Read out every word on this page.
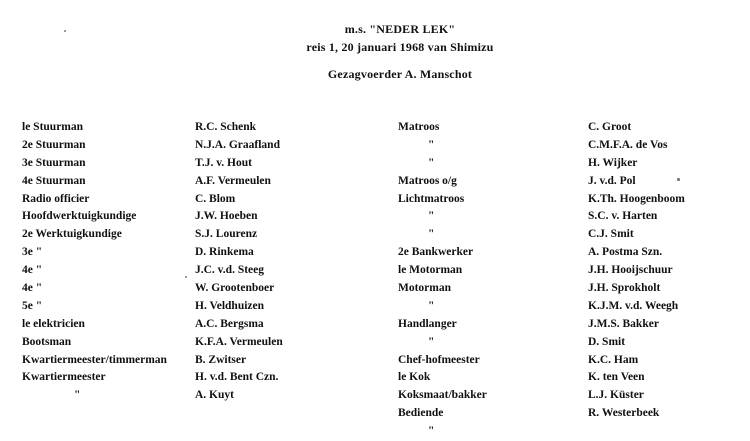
m.s. "NEDER LEK"
reis 1, 20 januari 1968 van Shimizu
Gezagvoerder A. Manschot
le Stuurman
2e Stuurman
3e Stuurman
4e Stuurman
Radio officier
Hoofdwerktuigkundige
2e Werktuigkundige
3e "
4e "
4e "
5e "
le elektricien
Bootsman
Kwartiermeester/timmerman
Kwartiermeester
"
R.C. Schenk
N.J.A. Graafland
T.J. v. Hout
A.F. Vermeulen
C. Blom
J.W. Hoeben
S.J. Lourenz
D. Rinkema
J.C. v.d. Steeg
W. Grootenboer
H. Veldhuizen
A.C. Bergsma
K.F.A. Vermeulen
B. Zwitser
H. v.d. Bent Czn.
A. Kuyt
Matroos
"
"
Matroos o/g
Lichtmatroos
"
"
2e Bankwerker
le Motorman
Motorman
"
Handlanger
"
Chef-hofmeester
le Kok
Koksmaat/bakker
Bediende
"
C. Groot
C.M.F.A. de Vos
H. Wijker
J. v.d. Pol
K.Th. Hoogenboom
S.C. v. Harten
C.J. Smit
A. Postma Szn.
J.H. Hooijschuur
J.H. Sprokholt
K.J.M. v.d. Weegh
J.M.S. Bakker
D. Smit
K.C. Ham
K. ten Veen
L.J. Küster
R. Westerbeek
